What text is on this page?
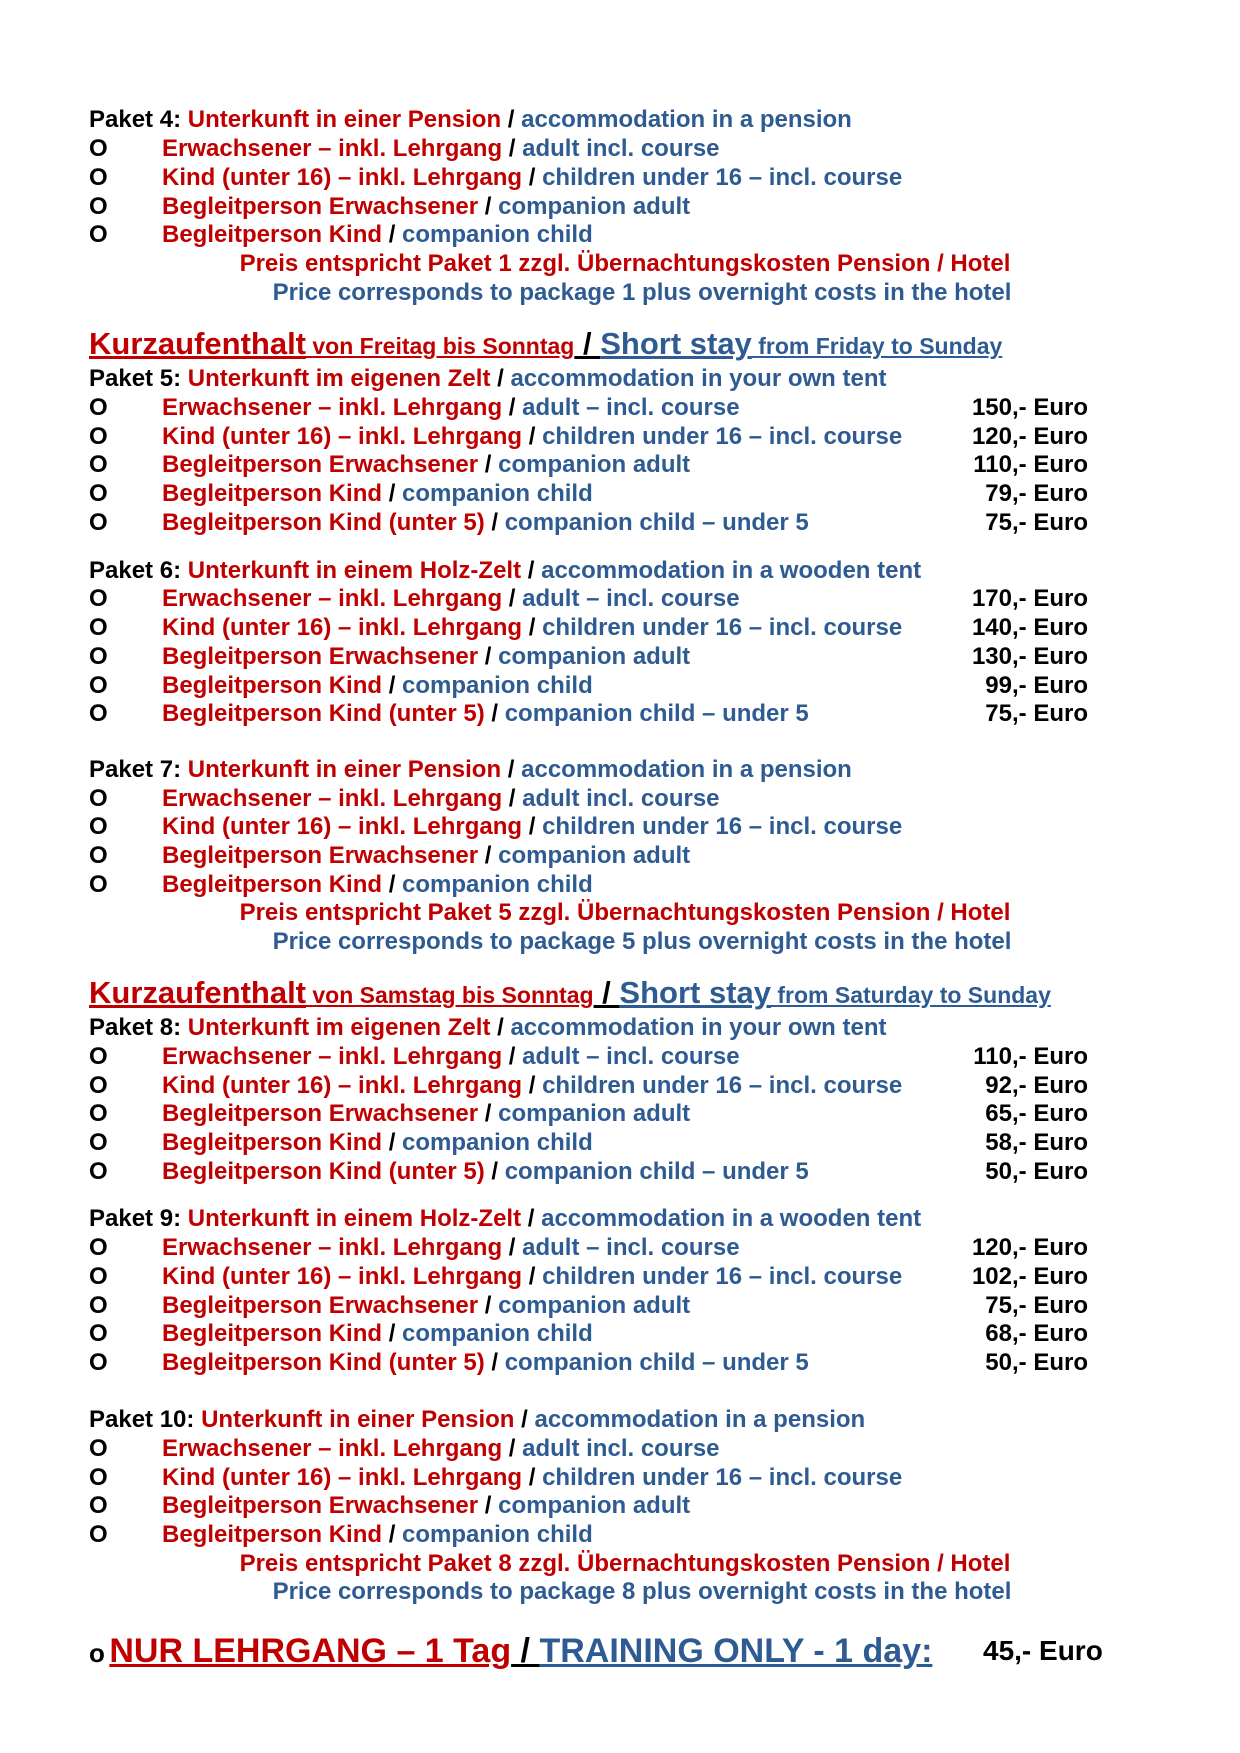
Paket 4: Unterkunft in einer Pension / accommodation in a pension
O Erwachsener – inkl. Lehrgang / adult incl. course
O Kind (unter 16) – inkl. Lehrgang / children under 16 – incl. course
O Begleitperson Erwachsener / companion adult
O Begleitperson Kind / companion child
Preis entspricht Paket 1 zzgl. Übernachtungskosten Pension / Hotel
Price corresponds to package 1 plus overnight costs in the hotel
Kurzaufenthalt von Freitag bis Sonntag / Short stay from Friday to Sunday
Paket 5: Unterkunft im eigenen Zelt / accommodation in your own tent
O Erwachsener – inkl. Lehrgang / adult – incl. course	150,- Euro
O Kind (unter 16) – inkl. Lehrgang / children under 16 – incl. course	120,- Euro
O Begleitperson Erwachsener / companion adult	110,- Euro
O Begleitperson Kind / companion child	79,- Euro
O Begleitperson Kind (unter 5) / companion child – under 5	75,- Euro
Paket 6: Unterkunft in einem Holz-Zelt / accommodation in a wooden tent
O Erwachsener – inkl. Lehrgang / adult – incl. course	170,- Euro
O Kind (unter 16) – inkl. Lehrgang / children under 16 – incl. course	140,- Euro
O Begleitperson Erwachsener / companion adult	130,- Euro
O Begleitperson Kind / companion child	99,- Euro
O Begleitperson Kind (unter 5) / companion child – under 5	75,- Euro
Paket 7: Unterkunft in einer Pension / accommodation in a pension
O Erwachsener – inkl. Lehrgang / adult incl. course
O Kind (unter 16) – inkl. Lehrgang / children under 16 – incl. course
O Begleitperson Erwachsener / companion adult
O Begleitperson Kind / companion child
Preis entspricht Paket 5 zzgl. Übernachtungskosten Pension / Hotel
Price corresponds to package 5 plus overnight costs in the hotel
Kurzaufenthalt von Samstag bis Sonntag / Short stay from Saturday to Sunday
Paket 8: Unterkunft im eigenen Zelt / accommodation in your own tent
O Erwachsener – inkl. Lehrgang / adult – incl. course	110,- Euro
O Kind (unter 16) – inkl. Lehrgang / children under 16 – incl. course	92,- Euro
O Begleitperson Erwachsener / companion adult	65,- Euro
O Begleitperson Kind / companion child	58,- Euro
O Begleitperson Kind (unter 5) / companion child – under 5	50,- Euro
Paket 9: Unterkunft in einem Holz-Zelt / accommodation in a wooden tent
O Erwachsener – inkl. Lehrgang / adult – incl. course	120,- Euro
O Kind (unter 16) – inkl. Lehrgang / children under 16 – incl. course	102,- Euro
O Begleitperson Erwachsener / companion adult	75,- Euro
O Begleitperson Kind / companion child	68,- Euro
O Begleitperson Kind (unter 5) / companion child – under 5	50,- Euro
Paket 10: Unterkunft in einer Pension / accommodation in a pension
O Erwachsener – inkl. Lehrgang / adult incl. course
O Kind (unter 16) – inkl. Lehrgang / children under 16 – incl. course
O Begleitperson Erwachsener / companion adult
O Begleitperson Kind / companion child
Preis entspricht Paket 8 zzgl. Übernachtungskosten Pension / Hotel
Price corresponds to package 8 plus overnight costs in the hotel
o NUR LEHRGANG – 1 Tag / TRAINING ONLY - 1 day: 45,- Euro
